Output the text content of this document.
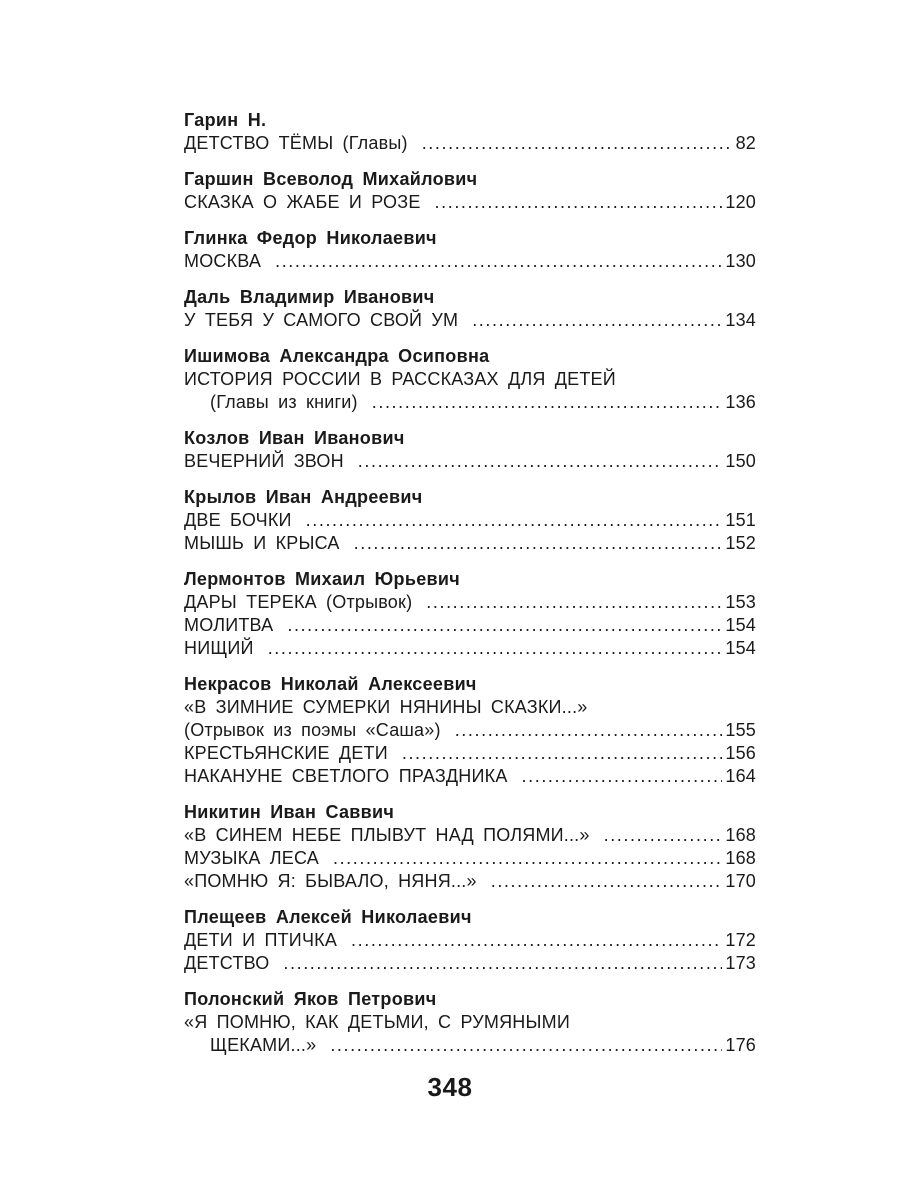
Гарин Н.
ДЕТСТВО ТЁМЫ (Главы) .....	82
Гаршин Всеволод Михайлович
СКАЗКА О ЖАБЕ И РОЗЕ .....	120
Глинка Федор Николаевич
МОСКВА .....	130
Даль Владимир Иванович
У ТЕБЯ У САМОГО СВОЙ УМ .....	134
Ишимова Александра Осиповна
ИСТОРИЯ РОССИИ В РАССКАЗАХ ДЛЯ ДЕТЕЙ
(Главы из книги) .....	136
Козлов Иван Иванович
ВЕЧЕРНИЙ ЗВОН .....	150
Крылов Иван Андреевич
ДВЕ БОЧКИ .....	151
МЫШЬ И КРЫСА .....	152
Лермонтов Михаил Юрьевич
ДАРЫ ТЕРЕКА (Отрывок) .....	153
МОЛИТВА .....	154
НИЩИЙ .....	154
Некрасов Николай Алексеевич
«В ЗИМНИЕ СУМЕРКИ НЯНИНЫ СКАЗКИ...»
(Отрывок из поэмы «Саша») .....	155
КРЕСТЬЯНСКИЕ ДЕТИ .....	156
НАКАНУНЕ СВЕТЛОГО ПРАЗДНИКА .....	164
Никитин Иван Саввич
«В СИНЕМ НЕБЕ ПЛЫВУТ НАД ПОЛЯМИ...» .....	168
МУЗЫКА ЛЕСА .....	168
«ПОМНЮ Я: БЫВАЛО, НЯНЯ...» .....	170
Плещеев Алексей Николаевич
ДЕТИ И ПТИЧКА .....	172
ДЕТСТВО .....	173
Полонский Яков Петрович
«Я ПОМНЮ, КАК ДЕТЬМИ, С РУМЯНЫМИ
ЩЕКАМИ...» .....	176
348
